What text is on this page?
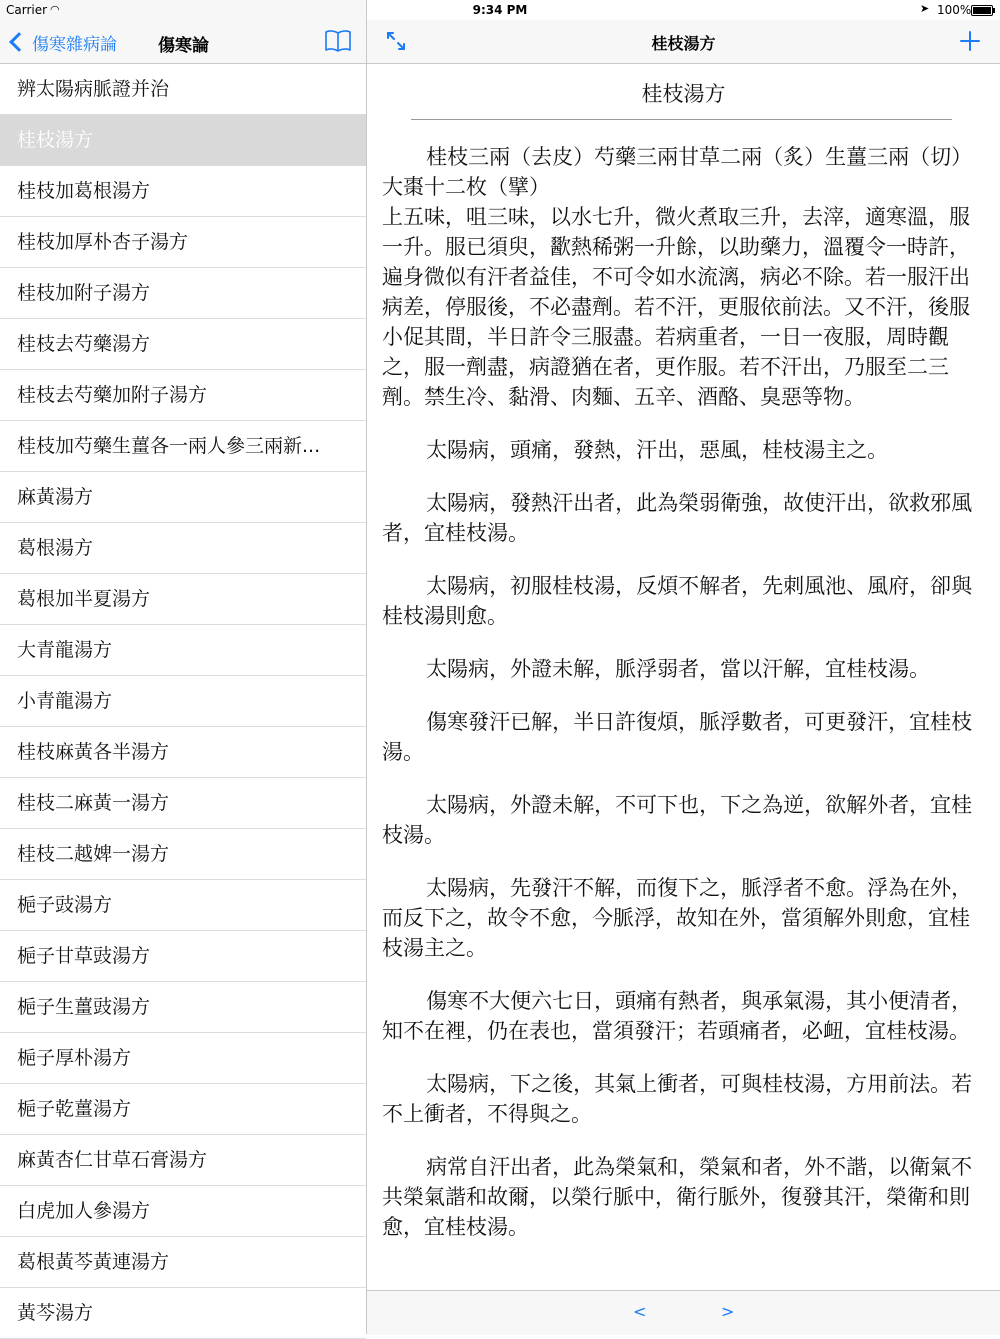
傷寒雜病論 傷寒論
辨太陽病脈證并治
桂枝湯方
桂枝加葛根湯方
桂枝加厚朴杏子湯方
桂枝加附子湯方
桂枝去芍藥湯方
桂枝去芍藥加附子湯方
桂枝加芍藥生薑各一兩人參三兩新...
麻黃湯方
葛根湯方
葛根加半夏湯方
大青龍湯方
小青龍湯方
桂枝麻黃各半湯方
桂枝二麻黃一湯方
桂枝二越婢一湯方
梔子豉湯方
梔子甘草豉湯方
梔子生薑豉湯方
梔子厚朴湯方
梔子乾薑湯方
麻黃杏仁甘草石膏湯方
白虎加人參湯方
葛根黃芩黃連湯方
黃芩湯方
Carrier ◠	9:34 PM	➤ 100%
桂枝湯方
桂枝湯方

桂枝三兩（去皮）芍藥三兩甘草二兩（炙）生薑三兩（切）大棗十二枚（擘）

上五味，咀三味，以水七升，微火煮取三升，去滓，適寒溫，服一升。服已須臾，歠熱稀粥一升餘，以助藥力，溫覆令一時許，遍身微似有汗者益佳，不可令如水流漓，病必不除。若一服汗出病差，停服後，不必盡劑。若不汗，更服依前法。又不汗，後服小促其間，半日許令三服盡。若病重者，一日一夜服，周時觀之，服一劑盡，病證猶在者，更作服。若不汗出，乃服至二三劑。禁生冷、黏滑、肉麵、五辛、酒酪、臭惡等物。

太陽病，頭痛，發熱，汗出，惡風，桂枝湯主之。

太陽病，發熱汗出者，此為榮弱衛強，故使汗出，欲救邪風者，宜桂枝湯。

太陽病，初服桂枝湯，反煩不解者，先刺風池、風府，卻與桂枝湯則愈。

太陽病，外證未解，脈浮弱者，當以汗解，宜桂枝湯。

傷寒發汗已解，半日許復煩，脈浮數者，可更發汗，宜桂枝湯。

太陽病，外證未解，不可下也，下之為逆，欲解外者，宜桂枝湯。

太陽病，先發汗不解，而復下之，脈浮者不愈。浮為在外，而反下之，故令不愈，今脈浮，故知在外，當須解外則愈，宜桂枝湯主之。

傷寒不大便六七日，頭痛有熱者，與承氣湯，其小便清者，知不在裡，仍在表也，當須發汗；若頭痛者，必衄，宜桂枝湯。

太陽病，下之後，其氣上衝者，可與桂枝湯，方用前法。若不上衝者，不得與之。

病常自汗出者，此為榮氣和，榮氣和者，外不諧，以衛氣不共榮氣諧和故爾，以榮行脈中，衛行脈外，復發其汗，榮衛和則愈，宜桂枝湯。

<	>
